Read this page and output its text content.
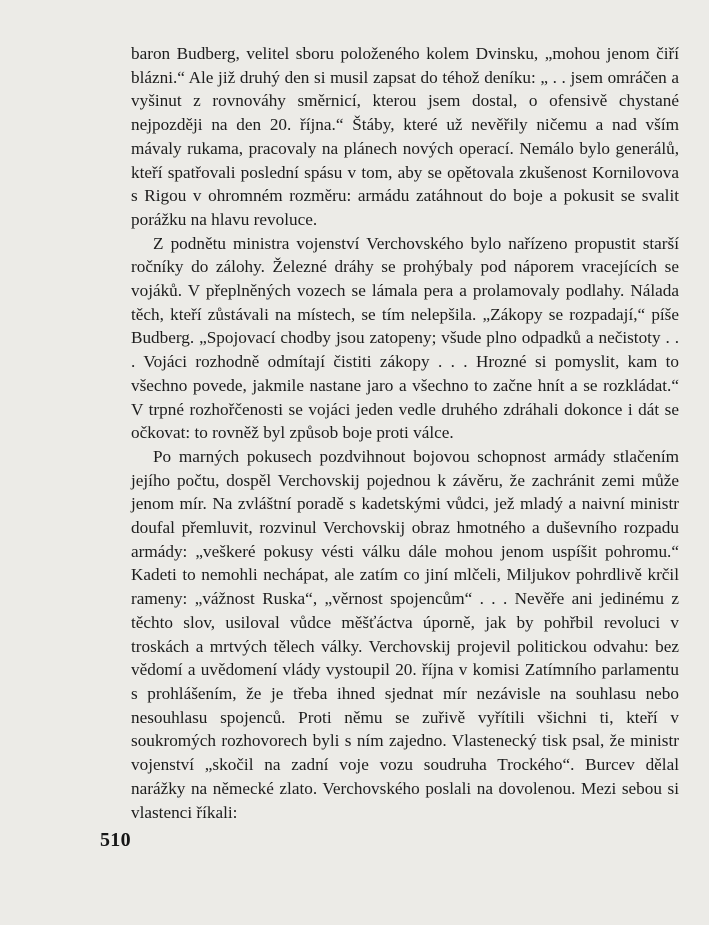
baron Budberg, velitel sboru položeného kolem Dvinsku, „mohou jenom čiří blázni.“ Ale již druhý den si musil zapsat do téhož deníku: „ . . jsem omráčen a vyšinut z rovnováhy směrnicí, kterou jsem dostal, o ofensivě chystané nejpozději na den 20. října.“ Štáby, které už nevěřily ničemu a nad vším mávaly rukama, pracovaly na plánech nových operací. Nemálo bylo generálů, kteří spatřovali poslední spásu v tom, aby se opětovala zkušenost Kornilovova s Rigou v ohromném rozměru: armádu zatáhnout do boje a pokusit se svalit porážku na hlavu revoluce.

Z podnětu ministra vojenství Verchovského bylo nařízeno propustit starší ročníky do zálohy. Železné dráhy se prohýbaly pod náporem vracejících se vojáků. V přeplněných vozech se lámala pera a prolamovaly podlahy. Nálada těch, kteří zůstávali na místech, se tím nelepšila. „Zákopy se rozpadají,“ píše Budberg. „Spojovací chodby jsou zatopeny; všude plno odpadků a nečistoty . . . Vojáci rozhodně odmítají čistiti zákopy . . . Hrozné si pomyslit, kam to všechno povede, jakmile nastane jaro a všechno to začne hnít a se rozkládat.“ V trpné rozhořčenosti se vojáci jeden vedle druhého zdráhali dokonce i dát se očkovat: to rovněž byl způsob boje proti válce.

Po marných pokusech pozdvihnout bojovou schopnost armády stlačením jejího počtu, dospěl Verchovskij pojednou k závěru, že zachránit zemi může jenom mír. Na zvláštní poradě s kadetskými vůdci, jež mladý a naivní ministr doufal přemluvit, rozvinul Verchovskij obraz hmotného a duševního rozpadu armády: „veškeré pokusy vésti válku dále mohou jenom uspíšit pohromu.“ Kadeti to nemohli nechápat, ale zatím co jiní mlčeli, Miljukov pohrdlivě krčil rameny: „vážnost Ruska“, „věrnost spojencům“ . . . Nevěře ani jedinému z těchto slov, usiloval vůdce měšťáctva úporně, jak by pohřbil revoluci v troskách a mrtvých tělech války. Verchovskij projevil politickou odvahu: bez vědomí a uvědomení vlády vystoupil 20. října v komisi Zatímního parlamentu s prohlášením, že je třeba ihned sjednat mír nezávisle na souhlasu nebo nesouhlasu spojenců. Proti němu se zuřivě vyřítili všichni ti, kteří v soukromých rozhovorech byli s ním zajedno. Vlastenecký tisk psal, že ministr vojenství „skočil na zadní voje vozu soudruha Trockého“. Burcev dělal narážky na německé zlato. Verchovského poslali na dovolenou. Mezi sebou si vlastenci říkali:

510
